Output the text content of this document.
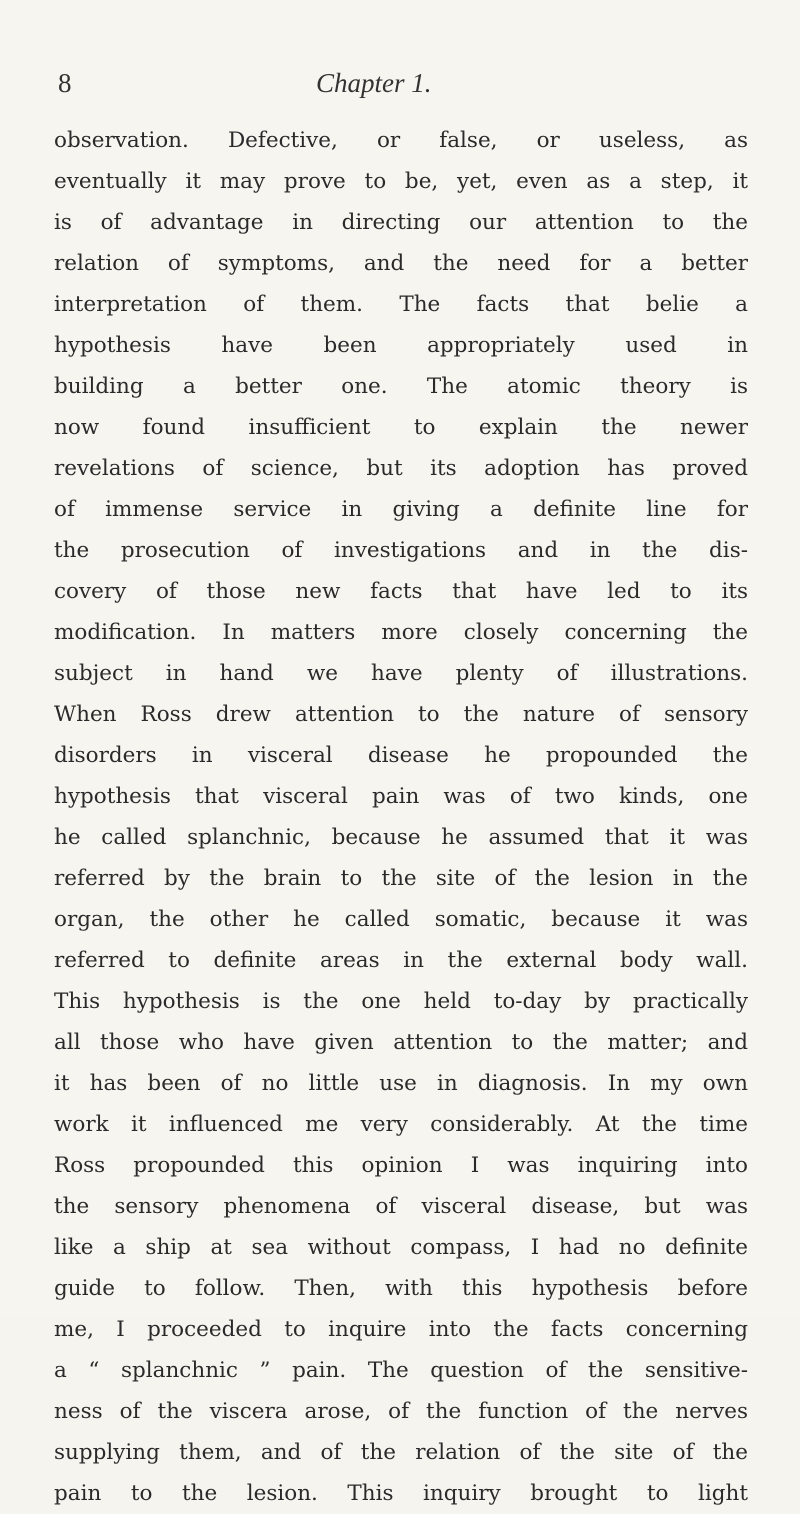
8	Chapter 1.
observation. Defective, or false, or useless, as
eventually it may prove to be, yet, even as a step, it
is of advantage in directing our attention to the
relation of symptoms, and the need for a better
interpretation of them. The facts that belie a
hypothesis have been appropriately used in
building a better one. The atomic theory is
now found insufficient to explain the newer
revelations of science, but its adoption has proved
of immense service in giving a definite line for
the prosecution of investigations and in the dis-
covery of those new facts that have led to its
modification. In matters more closely concerning the
subject in hand we have plenty of illustrations.
When Ross drew attention to the nature of sensory
disorders in visceral disease he propounded the
hypothesis that visceral pain was of two kinds, one
he called splanchnic, because he assumed that it was
referred by the brain to the site of the lesion in the
organ, the other he called somatic, because it was
referred to definite areas in the external body wall.
This hypothesis is the one held to-day by practically
all those who have given attention to the matter; and
it has been of no little use in diagnosis. In my own
work it influenced me very considerably. At the time
Ross propounded this opinion I was inquiring into
the sensory phenomena of visceral disease, but was
like a ship at sea without compass, I had no definite
guide to follow. Then, with this hypothesis before
me, I proceeded to inquire into the facts concerning
a “ splanchnic ” pain. The question of the sensitive-
ness of the viscera arose, of the function of the nerves
supplying them, and of the relation of the site of the
pain to the lesion. This inquiry brought to light
